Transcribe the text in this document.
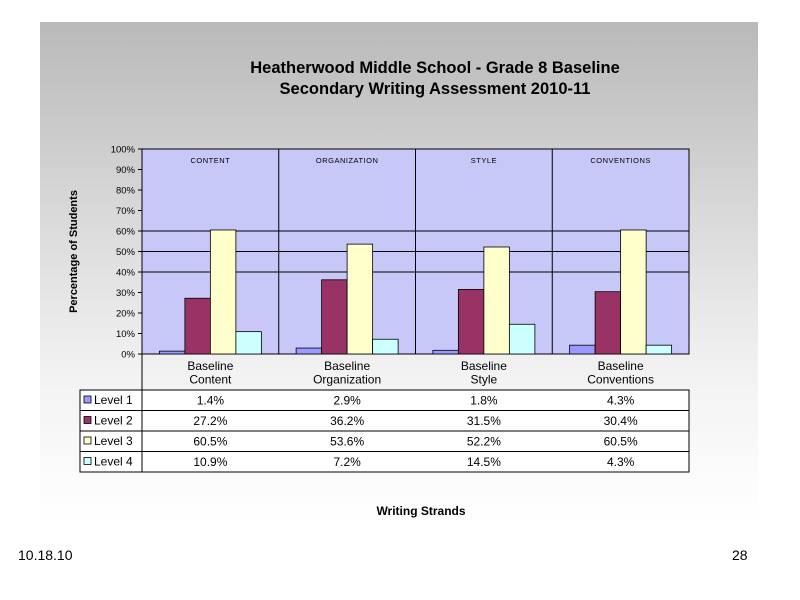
Heatherwood Middle School - Grade 8 Baseline
Secondary Writing Assessment 2010-11
CONTENT	ORGANIZATION	STYLE	CONVENTIONS
0%
10%
20%
30%
40%
50%
60%
70%
80%
90%
100%
Percentage of Students
Baseline
Content
Baseline
Organization
Baseline
Style
Baseline
Conventions
Level 1	1.4%	2.9%	1.8%	4.3%
Level 2	27.2%	36.2%	31.5%	30.4%
Level 3	60.5%	53.6%	52.2%	60.5%
Level 4	10.9%	7.2%	14.5%	4.3%
Writing Strands
10.18.10	28
